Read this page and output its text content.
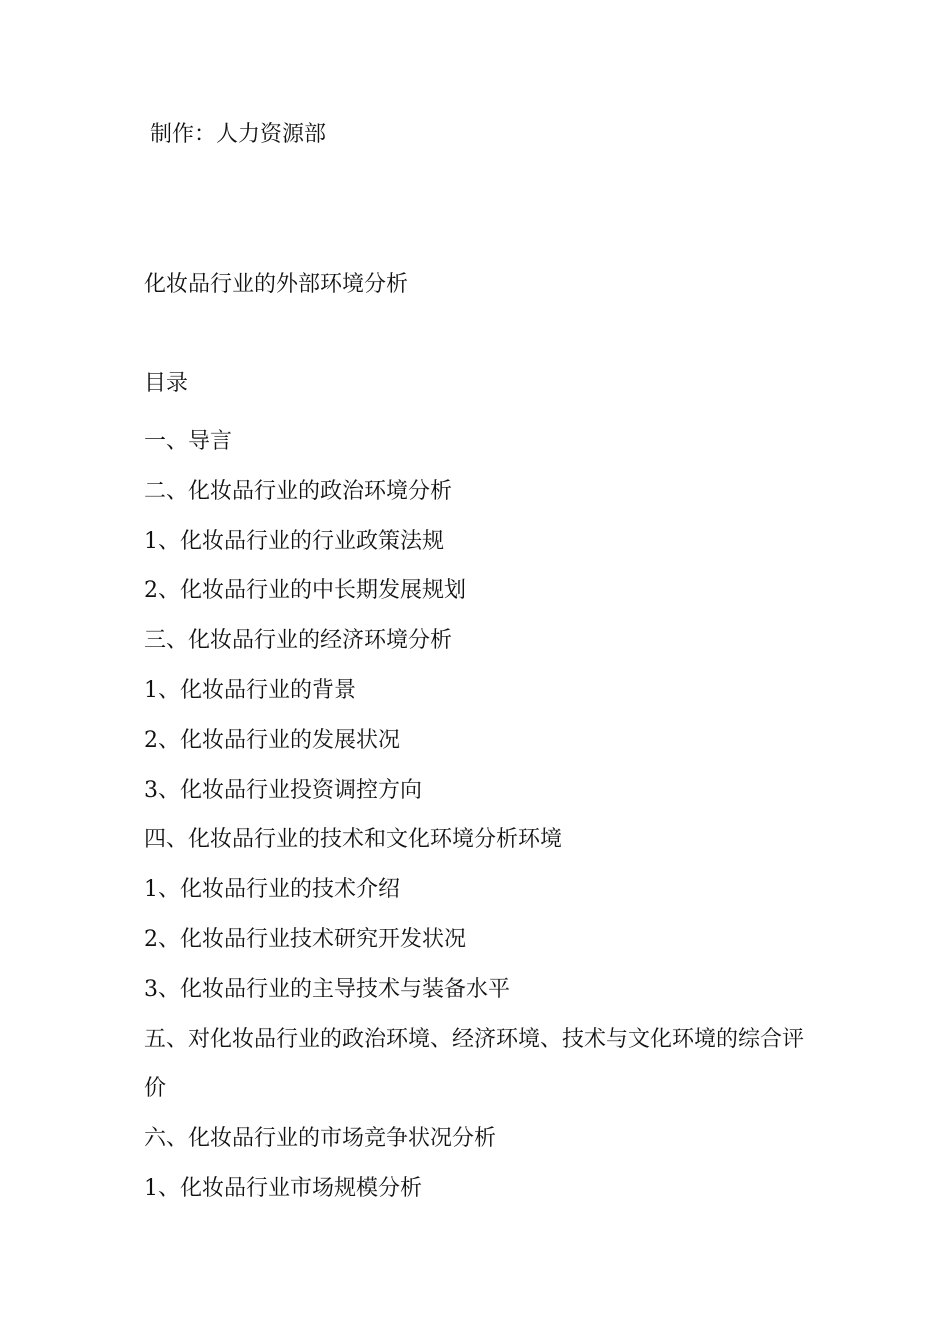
制作：人力资源部
化妆品行业的外部环境分析
目录
一、导言
二、化妆品行业的政治环境分析
1、化妆品行业的行业政策法规
2、化妆品行业的中长期发展规划
三、化妆品行业的经济环境分析
1、化妆品行业的背景
2、化妆品行业的发展状况
3、化妆品行业投资调控方向
四、化妆品行业的技术和文化环境分析环境
1、化妆品行业的技术介绍
2、化妆品行业技术研究开发状况
3、化妆品行业的主导技术与装备水平
五、对化妆品行业的政治环境、经济环境、技术与文化环境的综合评价
六、化妆品行业的市场竞争状况分析
1、化妆品行业市场规模分析
